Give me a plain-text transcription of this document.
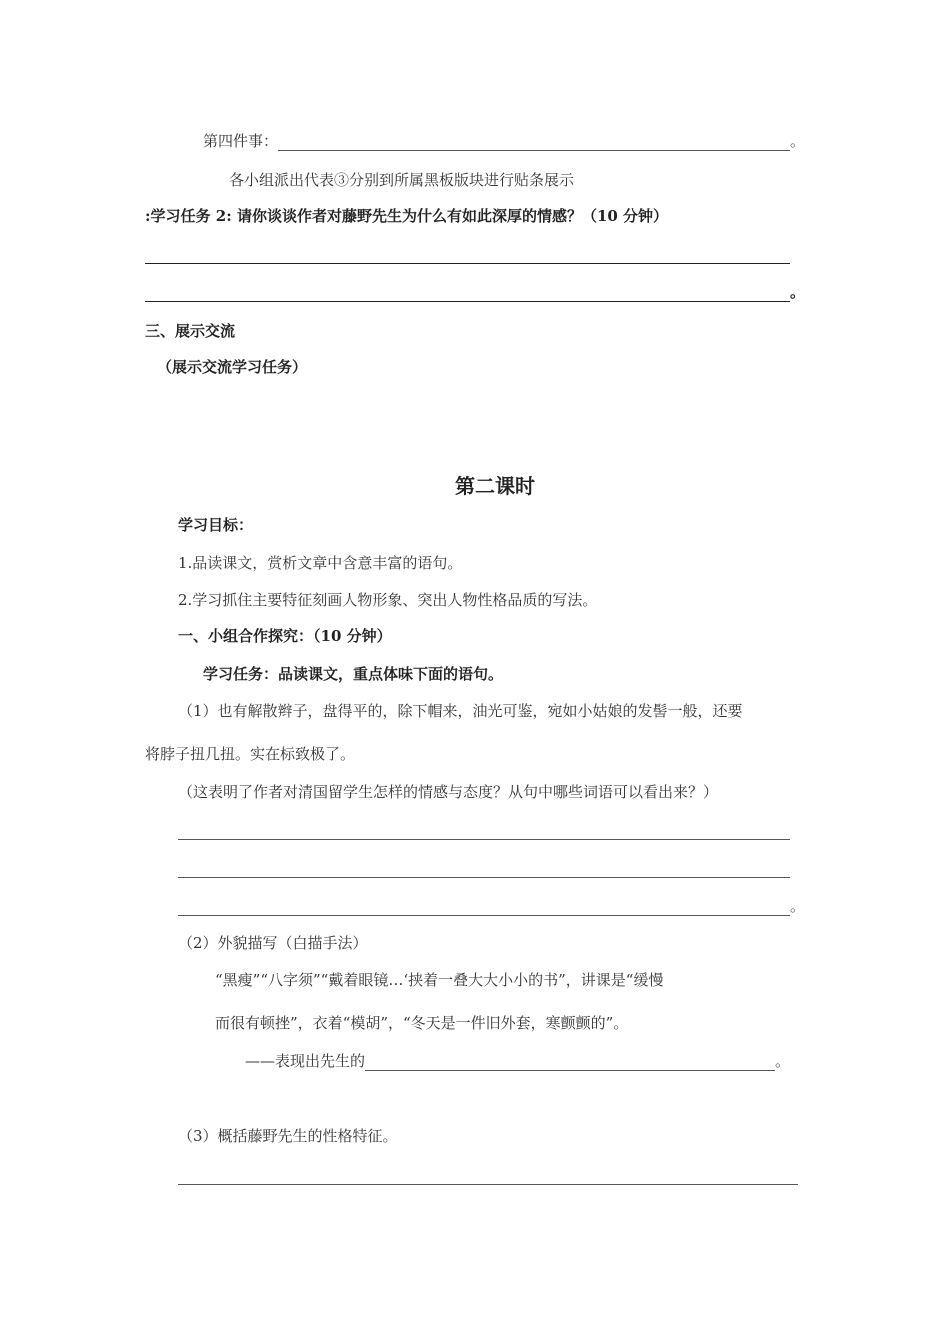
第四件事：	。
各小组派出代表③分别到所属黑板版块进行贴条展示
:学习任务 2: 请你谈谈作者对藤野先生为什么有如此深厚的情感？（10 分钟）
。
三、展示交流
（展示交流学习任务）
第二课时
学习目标：
1.品读课文，赏析文章中含意丰富的语句。
2.学习抓住主要特征刻画人物形象、突出人物性格品质的写法。
一、小组合作探究：（10 分钟）
学习任务：品读课文，重点体味下面的语句。
（1）也有解散辫子，盘得平的，除下帽来，油光可鉴，宛如小姑娘的发髻一般，还要
将脖子扭几扭。实在标致极了。
（这表明了作者对清国留学生怎样的情感与态度？从句中哪些词语可以看出来？）
。
（2）外貌描写（白描手法）
“黑瘦”“八字须”“戴着眼镜…‘挟着一叠大大小小的书”，讲课是“缓慢
而很有顿挫”，衣着“模胡”，“冬天是一件旧外套，寒颤颤的”。
——表现出先生的	。
（3）概括藤野先生的性格特征。
